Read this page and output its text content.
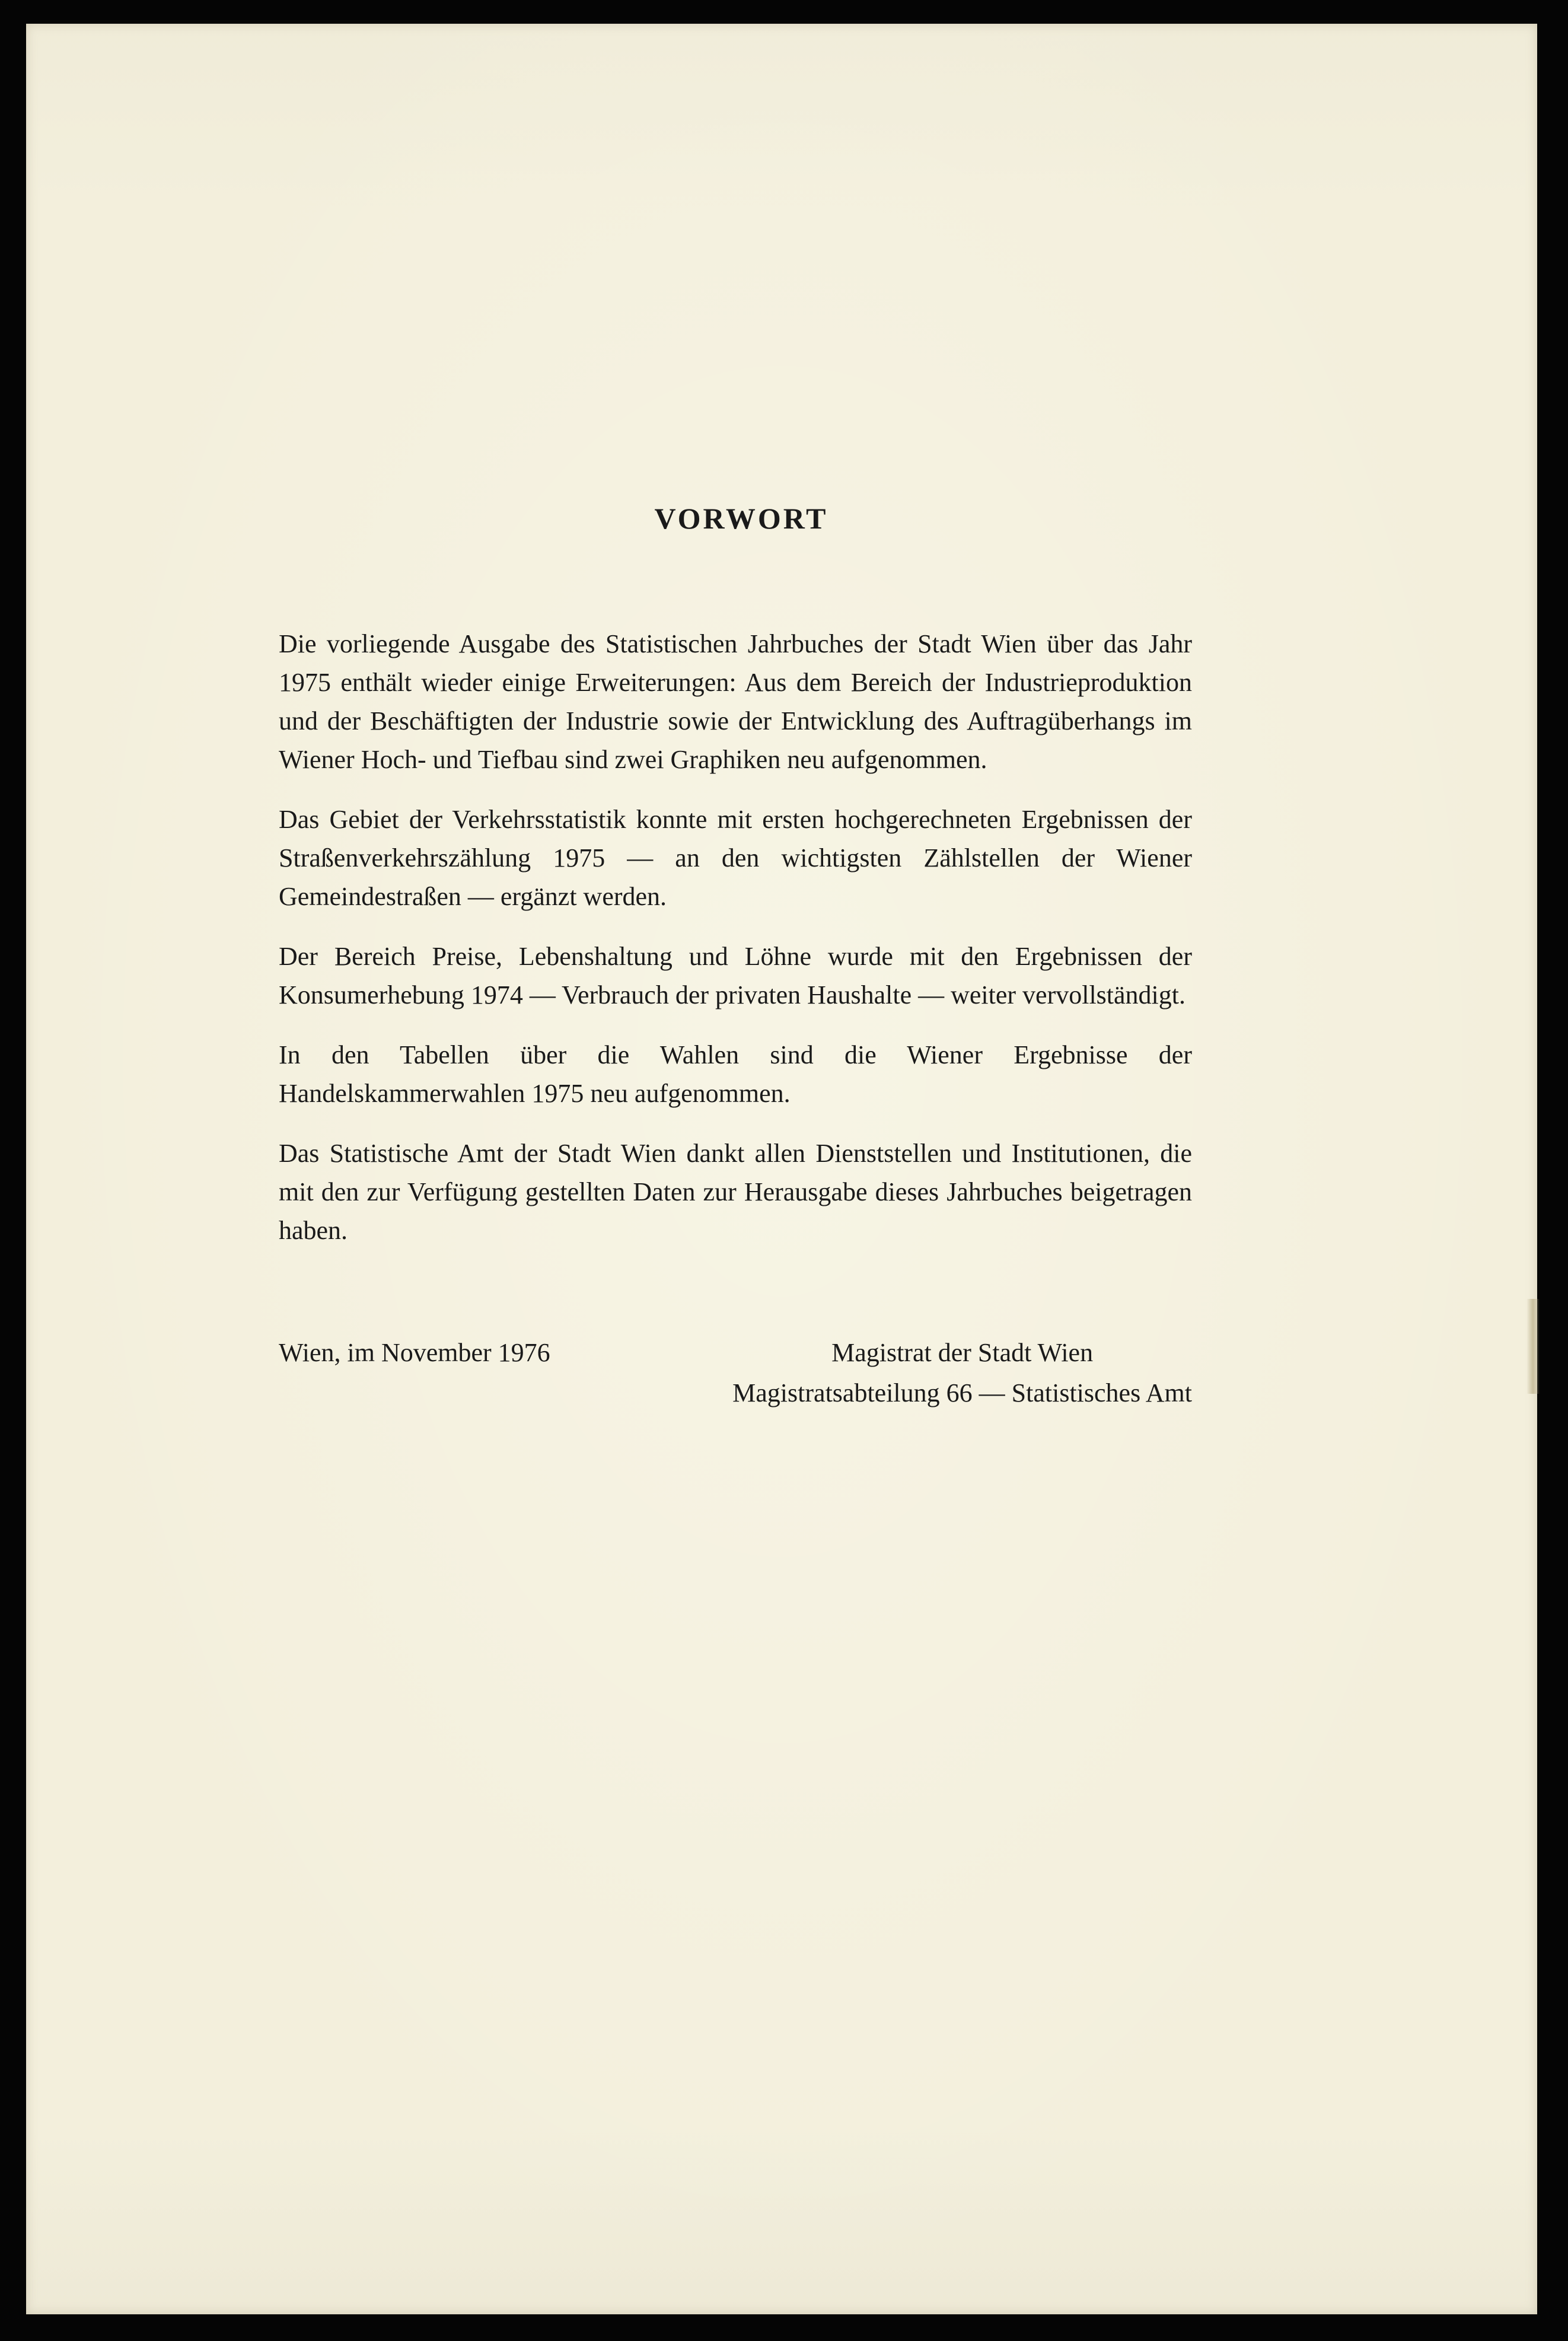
VORWORT

Die vorliegende Ausgabe des Statistischen Jahrbuches der Stadt Wien über das Jahr 1975 enthält wieder einige Erweiterungen: Aus dem Bereich der Industrieproduktion und der Beschäftigten der Industrie sowie der Entwicklung des Auftragüberhangs im Wiener Hoch- und Tiefbau sind zwei Graphiken neu aufgenommen.

Das Gebiet der Verkehrsstatistik konnte mit ersten hochgerechneten Ergebnissen der Straßenverkehrszählung 1975 — an den wichtigsten Zählstellen der Wiener Gemeindestraßen — ergänzt werden.

Der Bereich Preise, Lebenshaltung und Löhne wurde mit den Ergebnissen der Konsumerhebung 1974 — Verbrauch der privaten Haushalte — weiter vervollständigt.

In den Tabellen über die Wahlen sind die Wiener Ergebnisse der Handelskammerwahlen 1975 neu aufgenommen.

Das Statistische Amt der Stadt Wien dankt allen Dienststellen und Institutionen, die mit den zur Verfügung gestellten Daten zur Herausgabe dieses Jahrbuches beigetragen haben.

Wien, im November 1976	Magistrat der Stadt Wien
Magistratsabteilung 66 — Statistisches Amt
